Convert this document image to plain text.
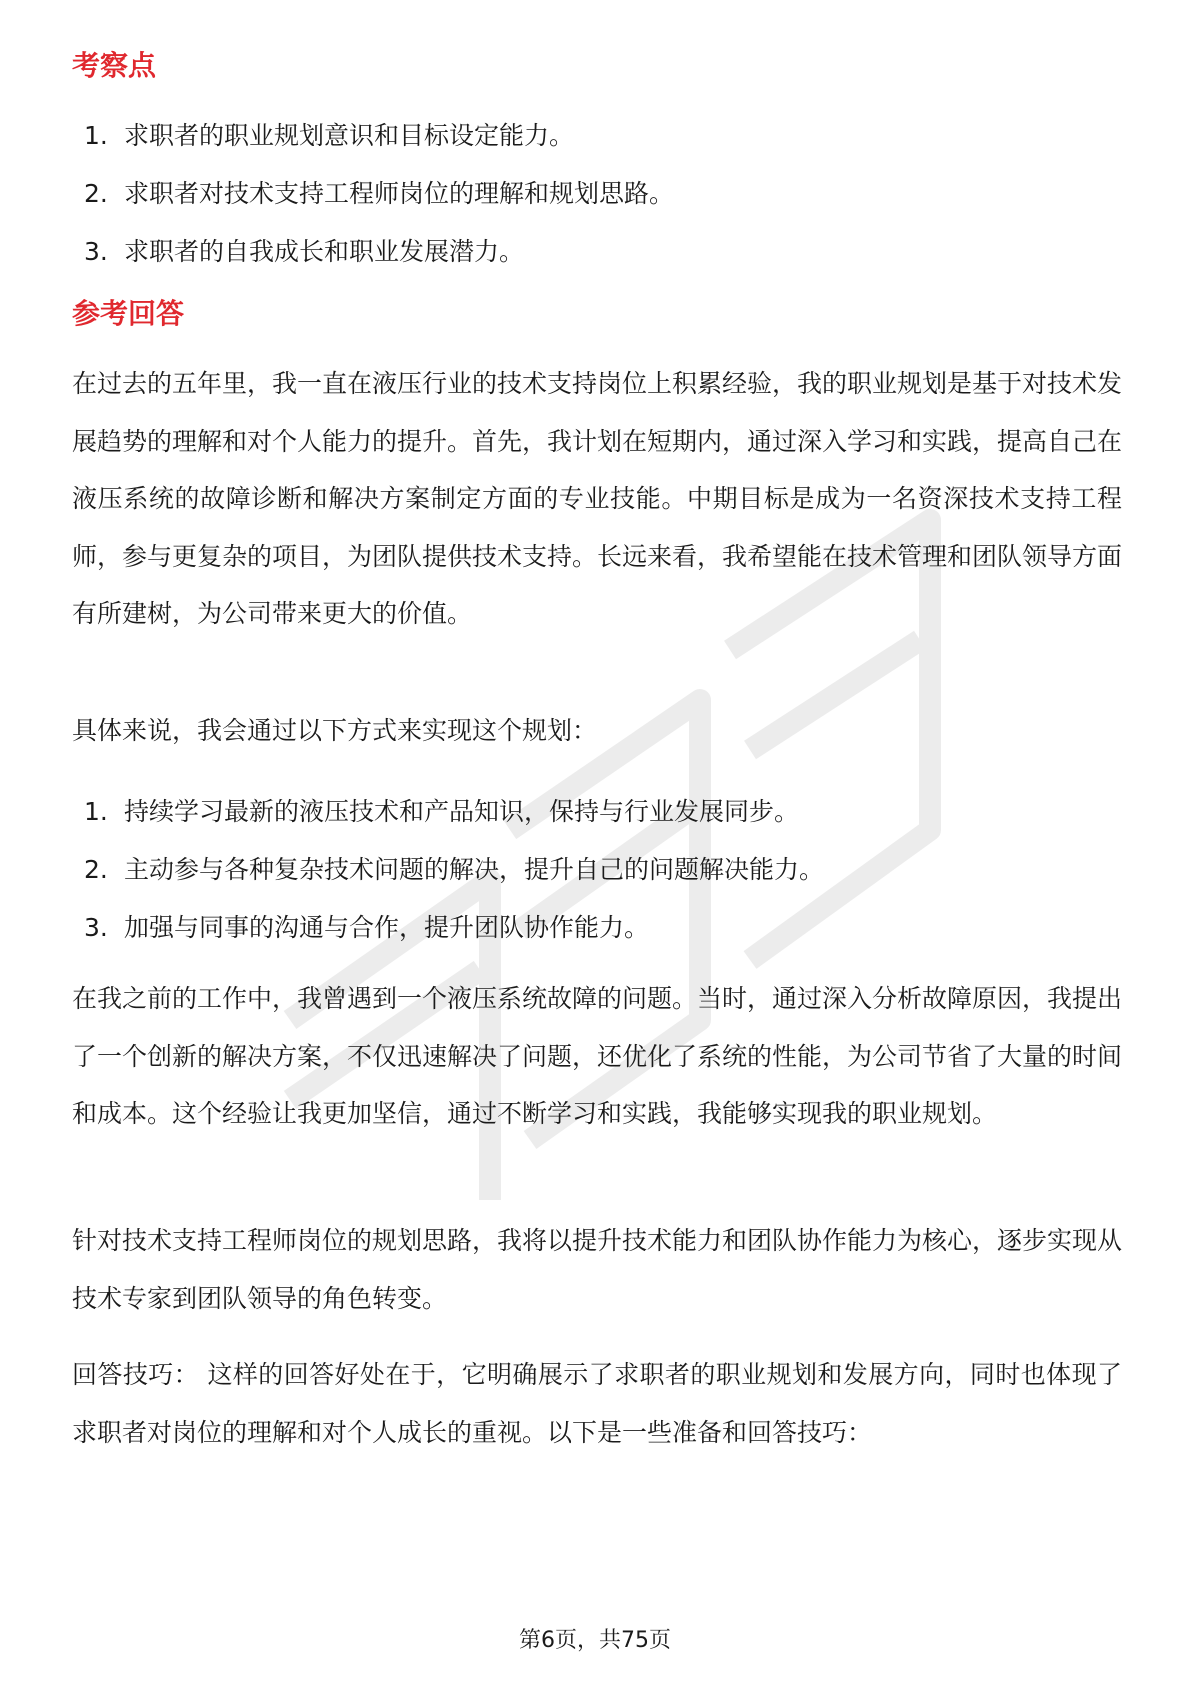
考察点
1. 求职者的职业规划意识和目标设定能力。
2. 求职者对技术支持工程师岗位的理解和规划思路。
3. 求职者的自我成长和职业发展潜力。
参考回答

在过去的五年里，我一直在液压行业的技术支持岗位上积累经验，我的职业规划是基于对技术发展趋势的理解和对个人能力的提升。首先，我计划在短期内，通过深入学习和实践，提高自己在液压系统的故障诊断和解决方案制定方面的专业技能。中期目标是成为一名资深技术支持工程师，参与更复杂的项目，为团队提供技术支持。长远来看，我希望能在技术管理和团队领导方面有所建树，为公司带来更大的价值。

具体来说，我会通过以下方式来实现这个规划：

1. 持续学习最新的液压技术和产品知识，保持与行业发展同步。
2. 主动参与各种复杂技术问题的解决，提升自己的问题解决能力。
3. 加强与同事的沟通与合作，提升团队协作能力。

在我之前的工作中，我曾遇到一个液压系统故障的问题。当时，通过深入分析故障原因，我提出了一个创新的解决方案，不仅迅速解决了问题，还优化了系统的性能，为公司节省了大量的时间和成本。这个经验让我更加坚信，通过不断学习和实践，我能够实现我的职业规划。

针对技术支持工程师岗位的规划思路，我将以提升技术能力和团队协作能力为核心，逐步实现从技术专家到团队领导的角色转变。

回答技巧： 这样的回答好处在于，它明确展示了求职者的职业规划和发展方向，同时也体现了求职者对岗位的理解和对个人成长的重视。以下是一些准备和回答技巧：

第6页，共75页
